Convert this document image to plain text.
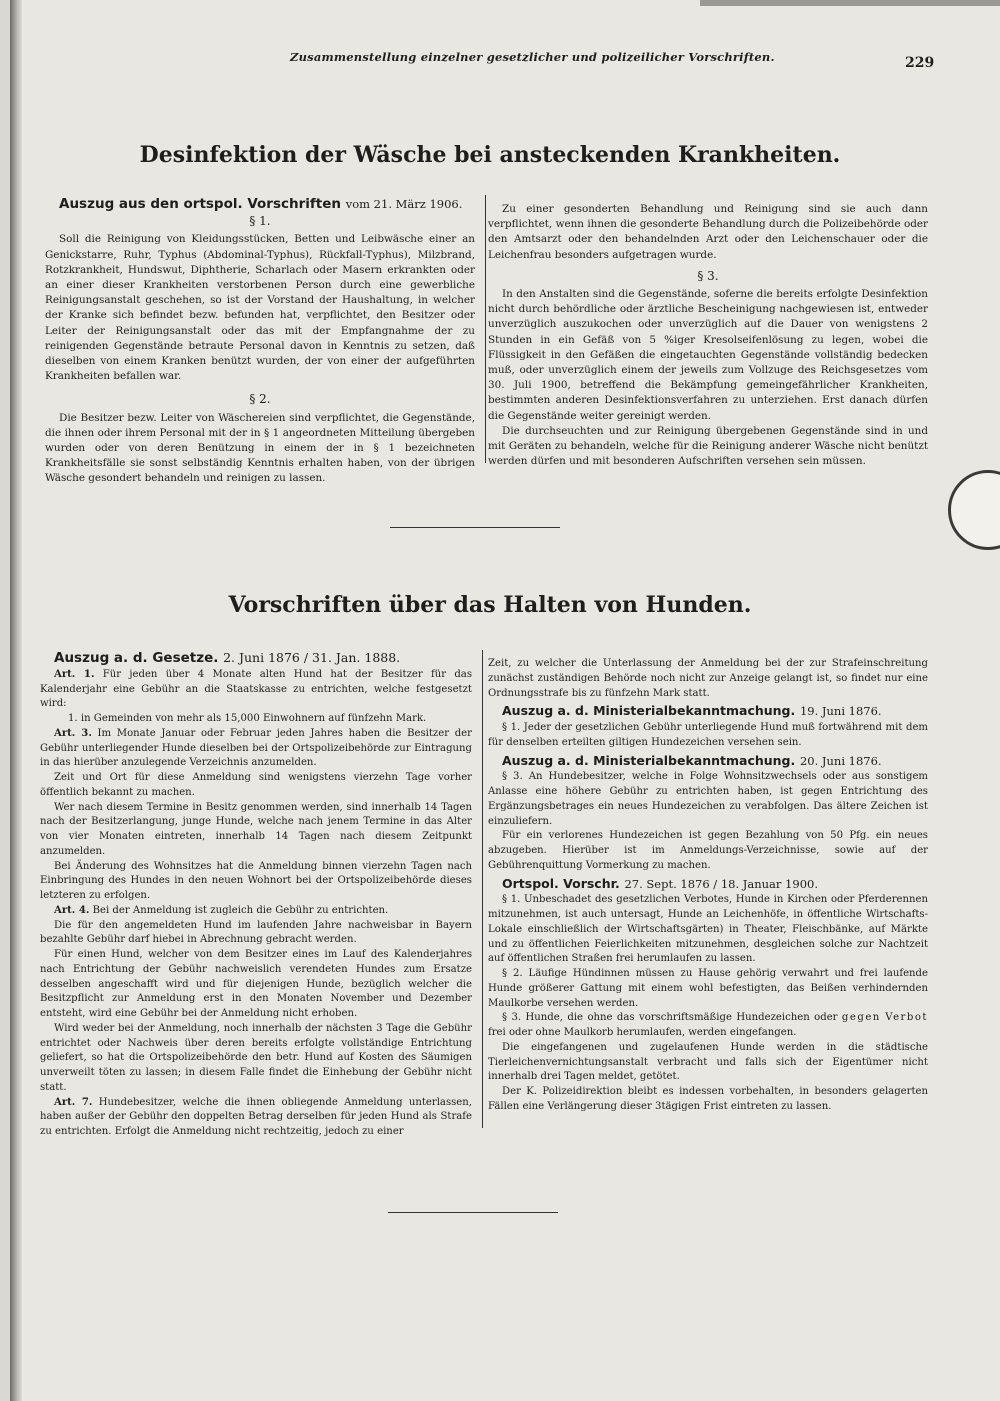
Zusammenstellung einzelner gesetzlicher und polizeilicher Vorschriften.	229
Desinfektion der Wäsche bei ansteckenden Krankheiten.

Auszug aus den ortspol. Vorschriften vom 21. März 1906.

§ 1.

Soll die Reinigung von Kleidungsstücken, Betten und Leibwäsche einer an Genickstarre, Ruhr, Typhus (Abdominal-Typhus), Rückfall-Typhus), Milzbrand, Rotzkrankheit, Hundswut, Diphtherie, Scharlach oder Masern erkrankten oder an einer dieser Krankheiten verstorbenen Person durch eine gewerbliche Reinigungsanstalt geschehen, so ist der Vorstand der Haushaltung, in welcher der Kranke sich befindet bezw. befunden hat, verpflichtet, den Besitzer oder Leiter der Reinigungsanstalt oder das mit der Empfangnahme der zu reinigenden Gegenstände betraute Personal davon in Kenntnis zu setzen, daß dieselben von einem Kranken benützt wurden, der von einer der aufgeführten Krankheiten befallen war.

§ 2.

Die Besitzer bezw. Leiter von Wäschereien sind verpflichtet, die Gegenstände, die ihnen oder ihrem Personal mit der in § 1 angeordneten Mitteilung übergeben wurden oder von deren Benützung in einem der in § 1 bezeichneten Krankheitsfälle sie sonst selbständig Kenntnis erhalten haben, von der übrigen Wäsche gesondert behandeln und reinigen zu lassen.

Zu einer gesonderten Behandlung und Reinigung sind sie auch dann verpflichtet, wenn ihnen die gesonderte Behandlung durch die Polizeibehörde oder den Amtsarzt oder den behandelnden Arzt oder den Leichenschauer oder die Leichenfrau besonders aufgetragen wurde.

§ 3.

In den Anstalten sind die Gegenstände, soferne die bereits erfolgte Desinfektion nicht durch behördliche oder ärztliche Bescheinigung nachgewiesen ist, entweder unverzüglich auszukochen oder unverzüglich auf die Dauer von wenigstens 2 Stunden in ein Gefäß von 5 %iger Kresolseifenlösung zu legen, wobei die Flüssigkeit in den Gefäßen die eingetauchten Gegenstände vollständig bedecken muß, oder unverzüglich einem der jeweils zum Vollzuge des Reichsgesetzes vom 30. Juli 1900, betreffend die Bekämpfung gemeingefährlicher Krankheiten, bestimmten anderen Desinfektionsverfahren zu unterziehen. Erst danach dürfen die Gegenstände weiter gereinigt werden.

Die durchseuchten und zur Reinigung übergebenen Gegenstände sind in und mit Geräten zu behandeln, welche für die Reinigung anderer Wäsche nicht benützt werden dürfen und mit besonderen Aufschriften versehen sein müssen.

Vorschriften über das Halten von Hunden.

Auszug a. d. Gesetze. 2. Juni 1876 / 31. Jan. 1888.

Art. 1. Für jeden über 4 Monate alten Hund hat der Besitzer für das Kalenderjahr eine Gebühr an die Staatskasse zu entrichten, welche festgesetzt wird:

1. in Gemeinden von mehr als 15,000 Einwohnern auf fünfzehn Mark.

Art. 3. Im Monate Januar oder Februar jeden Jahres haben die Besitzer der Gebühr unterliegender Hunde dieselben bei der Ortspolizeibehörde zur Eintragung in das hierüber anzulegende Verzeichnis anzumelden.

Zeit und Ort für diese Anmeldung sind wenigstens vierzehn Tage vorher öffentlich bekannt zu machen.

Wer nach diesem Termine in Besitz genommen werden, sind innerhalb 14 Tagen nach der Besitzerlangung, junge Hunde, welche nach jenem Termine in das Alter von vier Monaten eintreten, innerhalb 14 Tagen nach diesem Zeitpunkt anzumelden.

Bei Änderung des Wohnsitzes hat die Anmeldung binnen vierzehn Tagen nach Einbringung des Hundes in den neuen Wohnort bei der Ortspolizeibehörde dieses letzteren zu erfolgen.

Art. 4. Bei der Anmeldung ist zugleich die Gebühr zu entrichten.

Die für den angemeldeten Hund im laufenden Jahre nachweisbar in Bayern bezahlte Gebühr darf hiebei in Abrechnung gebracht werden.

Für einen Hund, welcher von dem Besitzer eines im Lauf des Kalenderjahres nach Entrichtung der Gebühr nachweislich verendeten Hundes zum Ersatze desselben angeschafft wird und für diejenigen Hunde, bezüglich welcher die Besitzpflicht zur Anmeldung erst in den Monaten November und Dezember entsteht, wird eine Gebühr bei der Anmeldung nicht erhoben.

Wird weder bei der Anmeldung, noch innerhalb der nächsten 3 Tage die Gebühr entrichtet oder Nachweis über deren bereits erfolgte vollständige Entrichtung geliefert, so hat die Ortspolizeibehörde den betr. Hund auf Kosten des Säumigen unverweilt töten zu lassen; in diesem Falle findet die Einhebung der Gebühr nicht statt.

Art. 7. Hundebesitzer, welche die ihnen obliegende Anmeldung unterlassen, haben außer der Gebühr den doppelten Betrag derselben für jeden Hund als Strafe zu entrichten. Erfolgt die Anmeldung nicht rechtzeitig, jedoch zu einer

Zeit, zu welcher die Unterlassung der Anmeldung bei der zur Strafeinschreitung zunächst zuständigen Behörde noch nicht zur Anzeige gelangt ist, so findet nur eine Ordnungsstrafe bis zu fünfzehn Mark statt.

Auszug a. d. Ministerialbekanntmachung. 19. Juni 1876.

§ 1. Jeder der gesetzlichen Gebühr unterliegende Hund muß fortwährend mit dem für denselben erteilten giltigen Hundezeichen versehen sein.

Auszug a. d. Ministerialbekanntmachung. 20. Juni 1876.

§ 3. An Hundebesitzer, welche in Folge Wohnsitzwechsels oder aus sonstigem Anlasse eine höhere Gebühr zu entrichten haben, ist gegen Entrichtung des Ergänzungsbetrages ein neues Hundezeichen zu verabfolgen. Das ältere Zeichen ist einzuliefern.

Für ein verlorenes Hundezeichen ist gegen Bezahlung von 50 Pfg. ein neues abzugeben. Hierüber ist im Anmeldungs-Verzeichnisse, sowie auf der Gebührenquittung Vormerkung zu machen.

Ortspol. Vorschr. 27. Sept. 1876 / 18. Januar 1900.

§ 1. Unbeschadet des gesetzlichen Verbotes, Hunde in Kirchen oder Pferderennen mitzunehmen, ist auch untersagt, Hunde an Leichenhöfe, in öffentliche Wirtschafts-Lokale einschließlich der Wirtschaftsgärten) in Theater, Fleischbänke, auf Märkte und zu öffentlichen Feierlichkeiten mitzunehmen, desgleichen solche zur Nachtzeit auf öffentlichen Straßen frei herumlaufen zu lassen.

§ 2. Läufige Hündinnen müssen zu Hause gehörig verwahrt und frei laufende Hunde größerer Gattung mit einem wohl befestigten, das Beißen verhindernden Maulkorbe versehen werden.

§ 3. Hunde, die ohne das vorschriftsmäßige Hundezeichen oder gegen Verbot frei oder ohne Maulkorb herumlaufen, werden eingefangen.

Die eingefangenen und zugelaufenen Hunde werden in die städtische Tierleichenvernichtungsanstalt verbracht und falls sich der Eigentümer nicht innerhalb drei Tagen meldet, getötet.

Der K. Polizeidirektion bleibt es indessen vorbehalten, in besonders gelagerten Fällen eine Verlängerung dieser 3tägigen Frist eintreten zu lassen.
